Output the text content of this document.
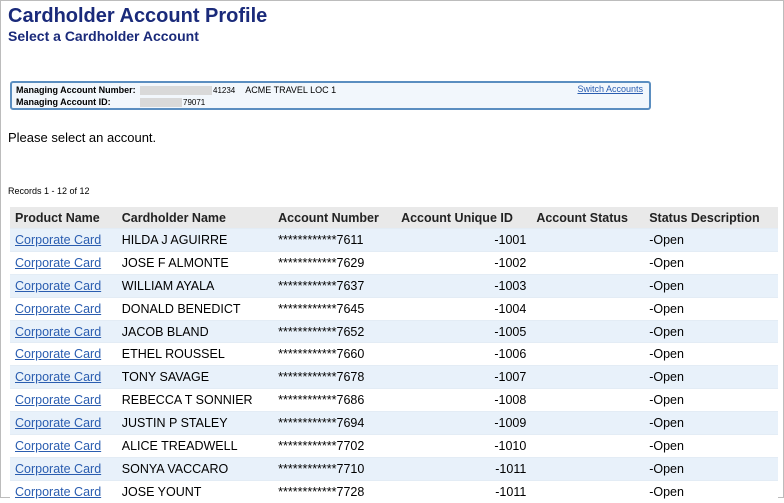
Cardholder Account Profile
Select a Cardholder Account
Managing Account Number:	41234 ACME TRAVEL LOC 1
Managing Account ID:	79071
Switch Accounts

Please select an account.

Records 1 - 12 of 12

Product Name	Cardholder Name	Account Number	Account Unique ID	Account Status	Status Description
Corporate Card	HILDA J AGUIRRE	************7611	-1001		-Open
Corporate Card	JOSE F ALMONTE	************7629	-1002		-Open
Corporate Card	WILLIAM AYALA	************7637	-1003		-Open
Corporate Card	DONALD BENEDICT	************7645	-1004		-Open
Corporate Card	JACOB BLAND	************7652	-1005		-Open
Corporate Card	ETHEL ROUSSEL	************7660	-1006		-Open
Corporate Card	TONY SAVAGE	************7678	-1007		-Open
Corporate Card	REBECCA T SONNIER	************7686	-1008		-Open
Corporate Card	JUSTIN P STALEY	************7694	-1009		-Open
Corporate Card	ALICE TREADWELL	************7702	-1010		-Open
Corporate Card	SONYA VACCARO	************7710	-1011		-Open
Corporate Card	JOSE YOUNT	************7728	-1011		-Open
